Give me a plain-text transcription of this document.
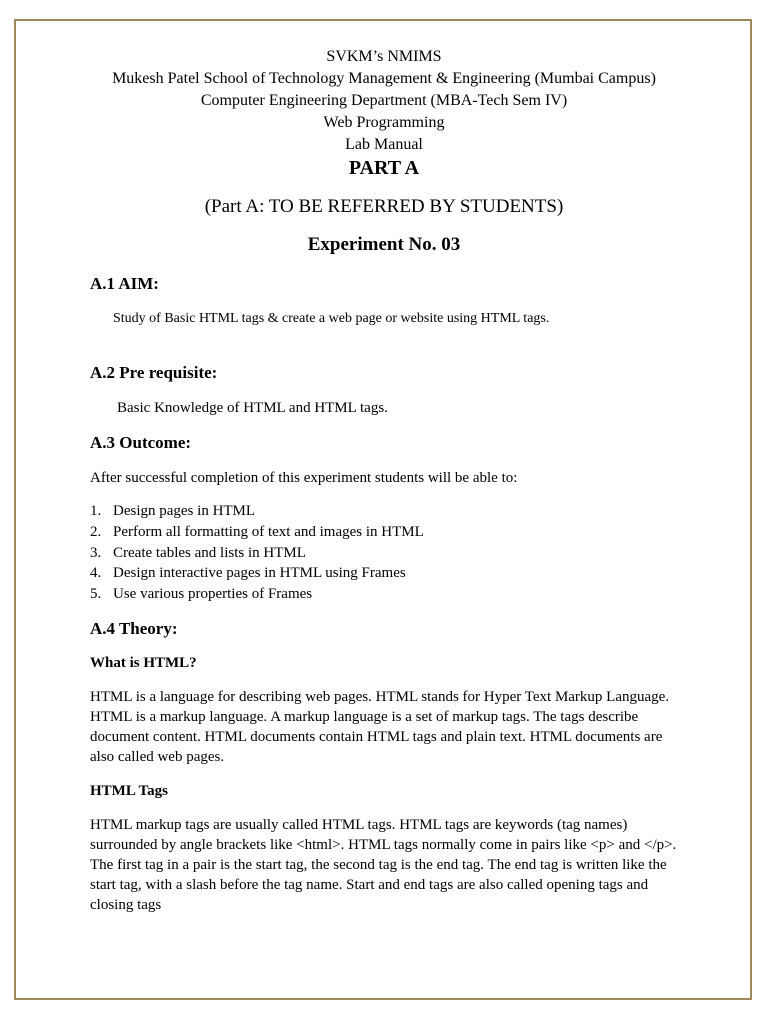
SVKM’s NMIMS
Mukesh Patel School of Technology Management & Engineering (Mumbai Campus)
Computer Engineering Department (MBA-Tech Sem IV)
Web Programming
Lab Manual
PART A
(Part A: TO BE REFERRED BY STUDENTS)
Experiment No. 03
A.1 AIM:
Study of Basic HTML tags & create a web page or website using HTML tags.
A.2 Pre requisite:
Basic Knowledge of HTML and HTML tags.
A.3 Outcome:
After successful completion of this experiment students will be able to:
1. Design pages in HTML
2. Perform all formatting of text and images in HTML
3. Create tables and lists in HTML
4. Design interactive pages in HTML using Frames
5. Use various properties of Frames
A.4 Theory:
What is HTML?
HTML is a language for describing web pages. HTML stands for Hyper Text Markup Language. HTML is a markup language. A markup language is a set of markup tags. The tags describe document content. HTML documents contain HTML tags and plain text. HTML documents are also called web pages.
HTML Tags
HTML markup tags are usually called HTML tags. HTML tags are keywords (tag names) surrounded by angle brackets like <html>. HTML tags normally come in pairs like <p> and </p>. The first tag in a pair is the start tag, the second tag is the end tag. The end tag is written like the start tag, with a slash before the tag name. Start and end tags are also called opening tags and closing tags
